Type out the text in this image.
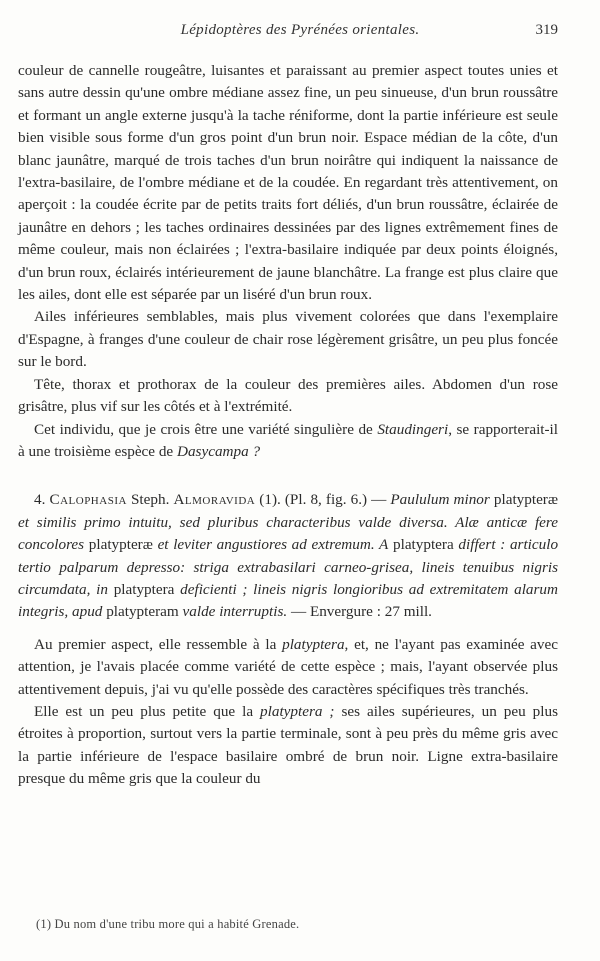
Lépidoptères des Pyrénées orientales.	319

couleur de cannelle rougeâtre, luisantes et paraissant au premier aspect toutes unies et sans autre dessin qu'une ombre médiane assez fine, un peu sinueuse, d'un brun roussâtre et formant un angle externe jusqu'à la tache réniforme, dont la partie inférieure est seule bien visible sous forme d'un gros point d'un brun noir. Espace médian de la côte, d'un blanc jaunâtre, marqué de trois taches d'un brun noirâtre qui indiquent la naissance de l'extra-basilaire, de l'ombre médiane et de la coudée. En regardant très attentivement, on aperçoit : la coudée écrite par de petits traits fort déliés, d'un brun roussâtre, éclairée de jaunâtre en dehors ; les taches ordinaires dessinées par des lignes extrêmement fines de même couleur, mais non éclairées ; l'extra-basilaire indiquée par deux points éloignés, d'un brun roux, éclairés intérieurement de jaune blanchâtre. La frange est plus claire que les ailes, dont elle est séparée par un liséré d'un brun roux.

Ailes inférieures semblables, mais plus vivement colorées que dans l'exemplaire d'Espagne, à franges d'une couleur de chair rose légèrement grisâtre, un peu plus foncée sur le bord.

Tête, thorax et prothorax de la couleur des premières ailes. Abdomen d'un rose grisâtre, plus vif sur les côtés et à l'extrémité.

Cet individu, que je crois être une variété singulière de Staudingeri, se rapporterait-il à une troisième espèce de Dasycampa ?

4. Calophasia Steph. Almoravida (1). (Pl. 8, fig. 6.) — Paululum minor platypteræ et similis primo intuitu, sed pluribus characteribus valde diversa. Alæ anticæ fere concolores platypteræ et leviter angustiores ad extremum. A platyptera differt : articulo tertio palparum depresso: striga extrabasilari carneo-grisea, lineis tenuibus nigris circumdata, in platyptera deficienti ; lineis nigris longioribus ad extremitatem alarum integris, apud platypteram valde interruptis. — Envergure : 27 mill.

Au premier aspect, elle ressemble à la platyptera, et, ne l'ayant pas examinée avec attention, je l'avais placée comme variété de cette espèce ; mais, l'ayant observée plus attentivement depuis, j'ai vu qu'elle possède des caractères spécifiques très tranchés.

Elle est un peu plus petite que la platyptera ; ses ailes supérieures, un peu plus étroites à proportion, surtout vers la partie terminale, sont à peu près du même gris avec la partie inférieure de l'espace basilaire ombré de brun noir. Ligne extra-basilaire presque du même gris que la couleur du

(1) Du nom d'une tribu more qui a habité Grenade.
